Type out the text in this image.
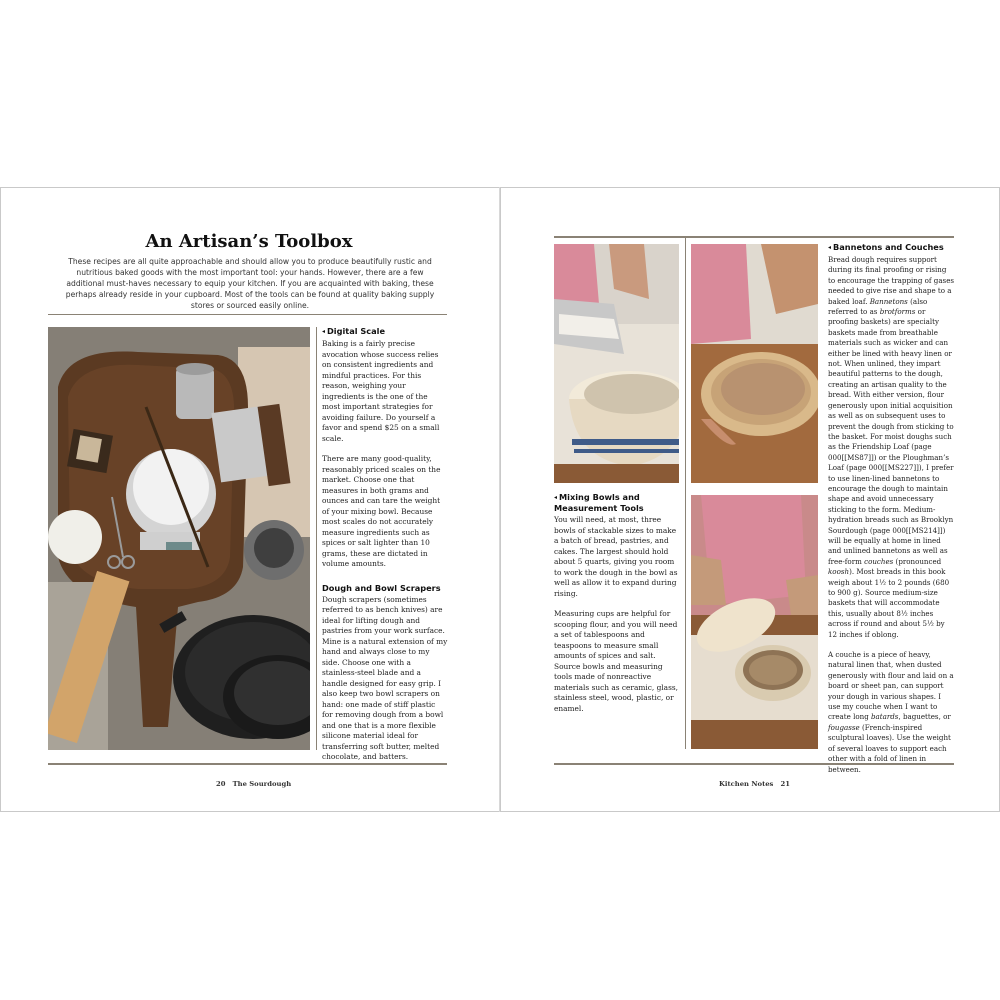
An Artisan’s Toolbox
These recipes are all quite approachable and should allow you to produce beautifully rustic and nutritious baked goods with the most important tool: your hands. However, there are a few additional must-haves necessary to equip your kitchen. If you are acquainted with baking, these perhaps already reside in your cupboard. Most of the tools can be found at quality baking supply stores or sourced easily online.
◂ Digital Scale

Baking is a fairly precise avocation whose success relies on consistent ingredients and mindful practices. For this reason, weighing your ingredients is the one of the most important strategies for avoiding failure. Do yourself a favor and spend $25 on a small scale.

There are many good-quality, reasonably priced scales on the market. Choose one that measures in both grams and ounces and can tare the weight of your mixing bowl. Because most scales do not accurately measure ingredients such as spices or salt lighter than 10 grams, these are dictated in volume amounts.

Dough and Bowl Scrapers

Dough scrapers (sometimes referred to as bench knives) are ideal for lifting dough and pastries from your work surface. Mine is a natural extension of my hand and always close to my side. Choose one with a stainless-steel blade and a handle designed for easy grip. I also keep two bowl scrapers on hand: one made of stiff plastic for removing dough from a bowl and one that is a more flexible silicone material ideal for transferring soft butter, melted chocolate, and batters.

20 The Sourdough
◂ Mixing Bowls and Measurement Tools

You will need, at most, three bowls of stackable sizes to make a batch of bread, pastries, and cakes. The largest should hold about 5 quarts, giving you room to work the dough in the bowl as well as allow it to expand during rising.

Measuring cups are helpful for scooping flour, and you will need a set of tablespoons and teaspoons to measure small amounts of spices and salt. Source bowls and measuring tools made of nonreactive materials such as ceramic, glass, stainless steel, wood, plastic, or enamel.

◂ Bannetons and Couches

Bread dough requires support during its final proofing or rising to encourage the trapping of gases needed to give rise and shape to a baked loaf. Bannetons (also referred to as brotforms or proofing baskets) are specialty baskets made from breathable materials such as wicker and can either be lined with heavy linen or not. When unlined, they impart beautiful patterns to the dough, creating an artisan quality to the bread. With either version, flour generously upon initial acquisition as well as on subsequent uses to prevent the dough from sticking to the basket. For moist doughs such as the Friendship Loaf (page 000[[MS87]]) or the Ploughman’s Loaf (page 000[[MS227]]), I prefer to use linen-lined bannetons to encourage the dough to maintain shape and avoid unnecessary sticking to the form. Medium-hydration breads such as Brooklyn Sourdough (page 000[[MS214]]) will be equally at home in lined and unlined bannetons as well as free-form couches (pronounced koosh). Most breads in this book weigh about 1½ to 2 pounds (680 to 900 g). Source medium-size baskets that will accommodate this, usually about 8½ inches across if round and about 5½ by 12 inches if oblong.

A couche is a piece of heavy, natural linen that, when dusted generously with flour and laid on a board or sheet pan, can support your dough in various shapes. I use my couche when I want to create long batards, baguettes, or fougasse (French-inspired sculptural loaves). Use the weight of several loaves to support each other with a fold of linen in between.

Kitchen Notes 21
